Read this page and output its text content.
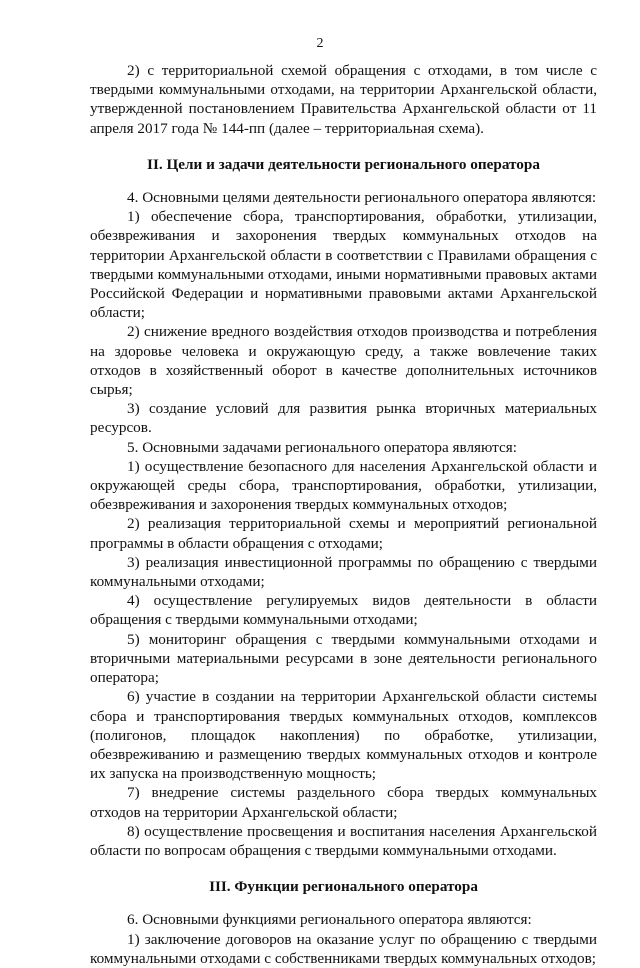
2

2) с территориальной схемой обращения с отходами, в том числе с твердыми коммунальными отходами, на территории Архангельской области, утвержденной постановлением Правительства Архангельской области от 11 апреля 2017 года № 144-пп (далее – территориальная схема).

II. Цели и задачи деятельности регионального оператора

4. Основными целями деятельности регионального оператора являются:

1) обеспечение сбора, транспортирования, обработки, утилизации, обезвреживания и захоронения твердых коммунальных отходов на территории Архангельской области в соответствии с Правилами обращения с твердыми коммунальными отходами, иными нормативными правовых актами Российской Федерации и нормативными правовыми актами Архангельской области;

2) снижение вредного воздействия отходов производства и потребления на здоровье человека и окружающую среду, а также вовлечение таких отходов в хозяйственный оборот в качестве дополнительных источников сырья;

3) создание условий для развития рынка вторичных материальных ресурсов.

5. Основными задачами регионального оператора являются:

1) осуществление безопасного для населения Архангельской области и окружающей среды сбора, транспортирования, обработки, утилизации, обезвреживания и захоронения твердых коммунальных отходов;

2) реализация территориальной схемы и мероприятий региональной программы в области обращения с отходами;

3) реализация инвестиционной программы по обращению с твердыми коммунальными отходами;

4) осуществление регулируемых видов деятельности в области обращения с твердыми коммунальными отходами;

5) мониторинг обращения с твердыми коммунальными отходами и вторичными материальными ресурсами в зоне деятельности регионального оператора;

6) участие в создании на территории Архангельской области системы сбора и транспортирования твердых коммунальных отходов, комплексов (полигонов, площадок накопления) по обработке, утилизации, обезвреживанию и размещению твердых коммунальных отходов и контроле их запуска на производственную мощность;

7) внедрение системы раздельного сбора твердых коммунальных отходов на территории Архангельской области;

8) осуществление просвещения и воспитания населения Архангельской области по вопросам обращения с твердыми коммунальными отходами.

III. Функции регионального оператора

6. Основными функциями регионального оператора являются:

1) заключение договоров на оказание услуг по обращению с твердыми коммунальными отходами с собственниками твердых коммунальных отходов;
